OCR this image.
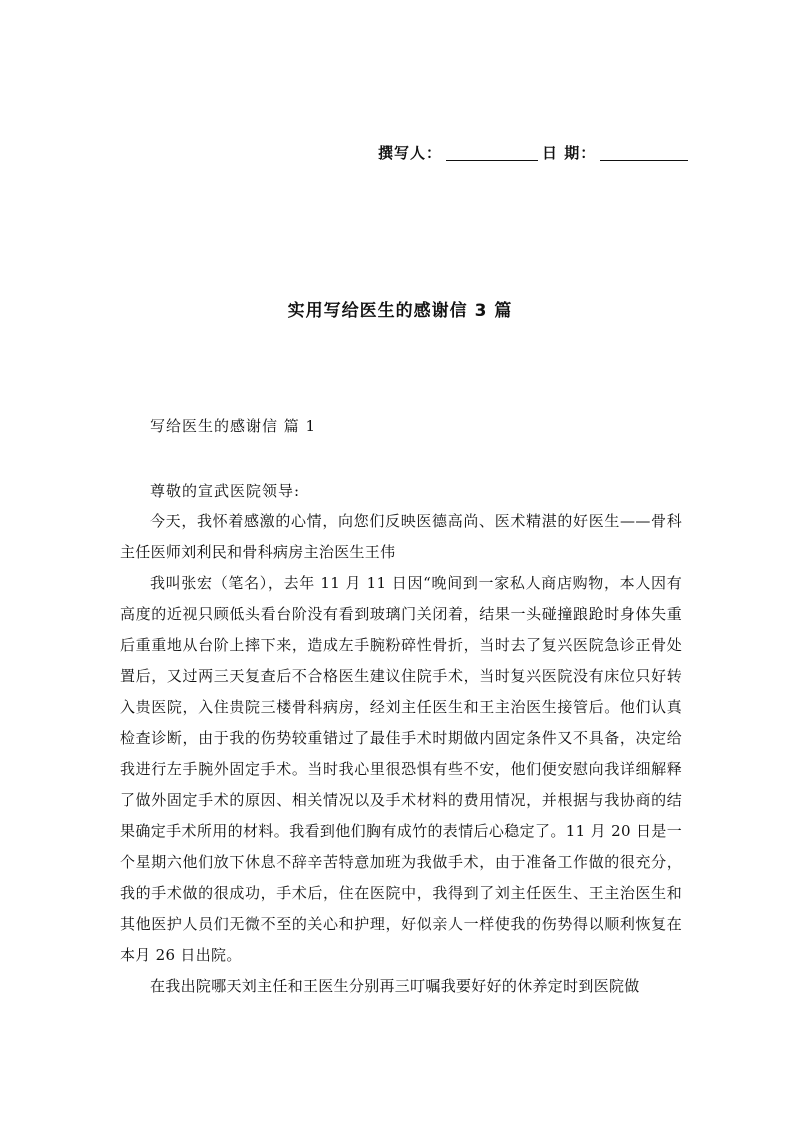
撰写人：	日 期：
实用写给医生的感谢信 3 篇
写给医生的感谢信 篇 1
尊敬的宣武医院领导:

今天，我怀着感激的心情，向您们反映医德高尚、医术精湛的好医生——骨科主任医师刘利民和骨科病房主治医生王伟

我叫张宏（笔名），去年 11 月 11 日因“晚间到一家私人商店购物，本人因有高度的近视只顾低头看台阶没有看到玻璃门关闭着，结果一头碰撞踉跄时身体失重后重重地从台阶上摔下来，造成左手腕粉碎性骨折，当时去了复兴医院急诊正骨处置后，又过两三天复查后不合格医生建议住院手术，当时复兴医院没有床位只好转入贵医院，入住贵院三楼骨科病房，经刘主任医生和王主治医生接管后。他们认真检查诊断，由于我的伤势较重错过了最佳手术时期做内固定条件又不具备，决定给我进行左手腕外固定手术。当时我心里很恐惧有些不安，他们便安慰向我详细解释了做外固定手术的原因、相关情况以及手术材料的费用情况，并根据与我协商的结果确定手术所用的材料。我看到他们胸有成竹的表情后心稳定了。11 月 20 日是一个星期六他们放下休息不辞辛苦特意加班为我做手术，由于准备工作做的很充分，我的手术做的很成功，手术后，住在医院中，我得到了刘主任医生、王主治医生和其他医护人员们无微不至的关心和护理，好似亲人一样使我的伤势得以顺利恢复在本月 26 日出院。

在我出院哪天刘主任和王医生分别再三叮嘱我要好好的休养定时到医院做
